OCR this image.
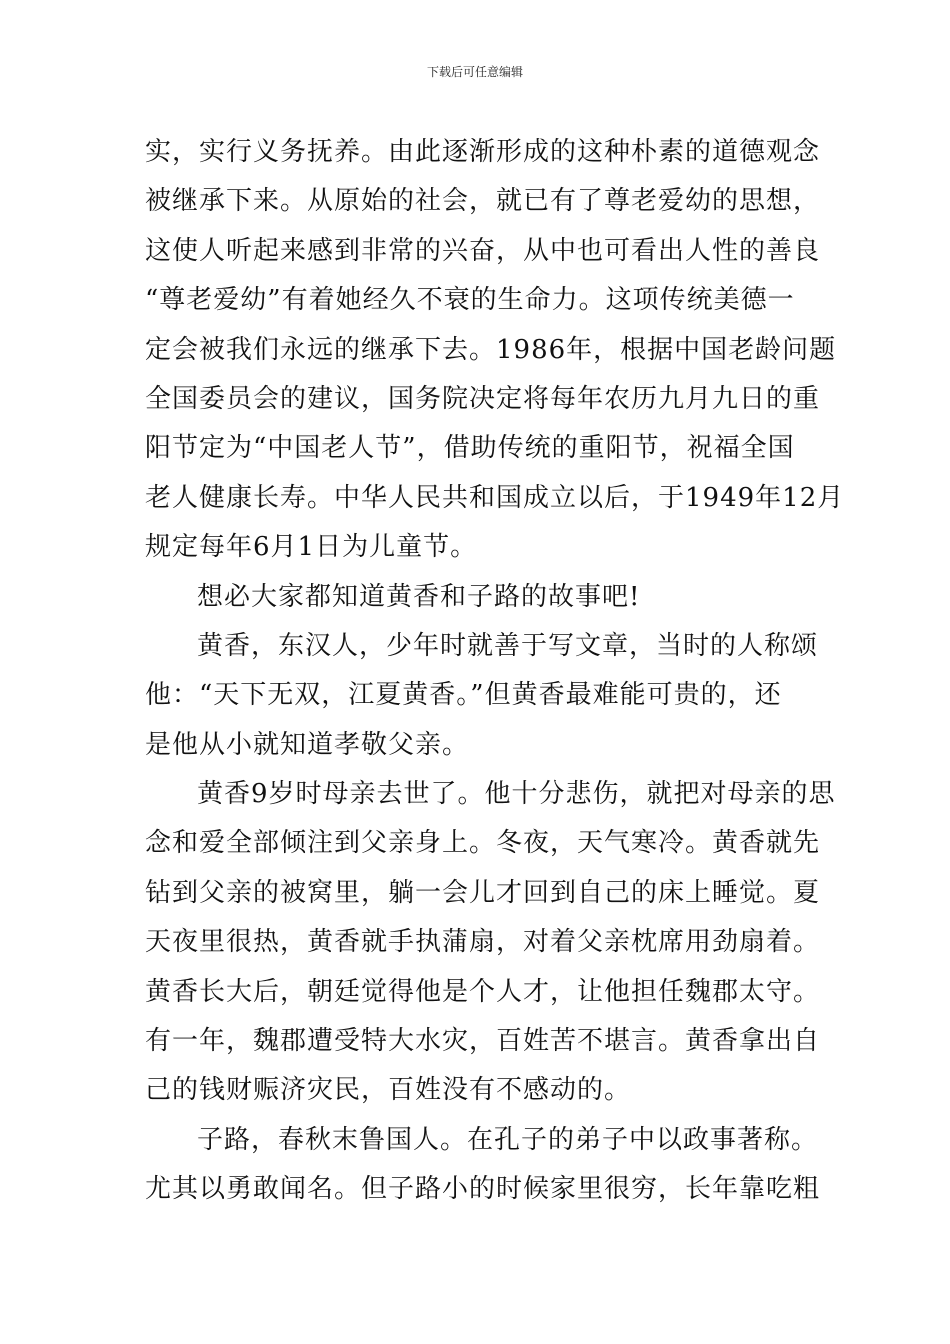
下载后可任意编辑
实，实行义务抚养。由此逐渐形成的这种朴素的道德观念
被继承下来。从原始的社会，就已有了尊老爱幼的思想，
这使人听起来感到非常的兴奋，从中也可看出人性的善良
“尊老爱幼”有着她经久不衰的生命力。这项传统美德一
定会被我们永远的继承下去。1986年，根据中国老龄问题
全国委员会的建议，国务院决定将每年农历九月九日的重
阳节定为“中国老人节”，借助传统的重阳节，祝福全国
老人健康长寿。中华人民共和国成立以后，于1949年12月
规定每年6月1日为儿童节。
想必大家都知道黄香和子路的故事吧!
黄香，东汉人，少年时就善于写文章，当时的人称颂
他：“天下无双，江夏黄香。”但黄香最难能可贵的，还
是他从小就知道孝敬父亲。
黄香9岁时母亲去世了。他十分悲伤，就把对母亲的思
念和爱全部倾注到父亲身上。冬夜，天气寒冷。黄香就先
钻到父亲的被窝里，躺一会儿才回到自己的床上睡觉。夏
天夜里很热，黄香就手执蒲扇，对着父亲枕席用劲扇着。
黄香长大后，朝廷觉得他是个人才，让他担任魏郡太守。
有一年，魏郡遭受特大水灾，百姓苦不堪言。黄香拿出自
己的钱财赈济灾民，百姓没有不感动的。
子路，春秋末鲁国人。在孔子的弟子中以政事著称。
尤其以勇敢闻名。但子路小的时候家里很穷，长年靠吃粗
